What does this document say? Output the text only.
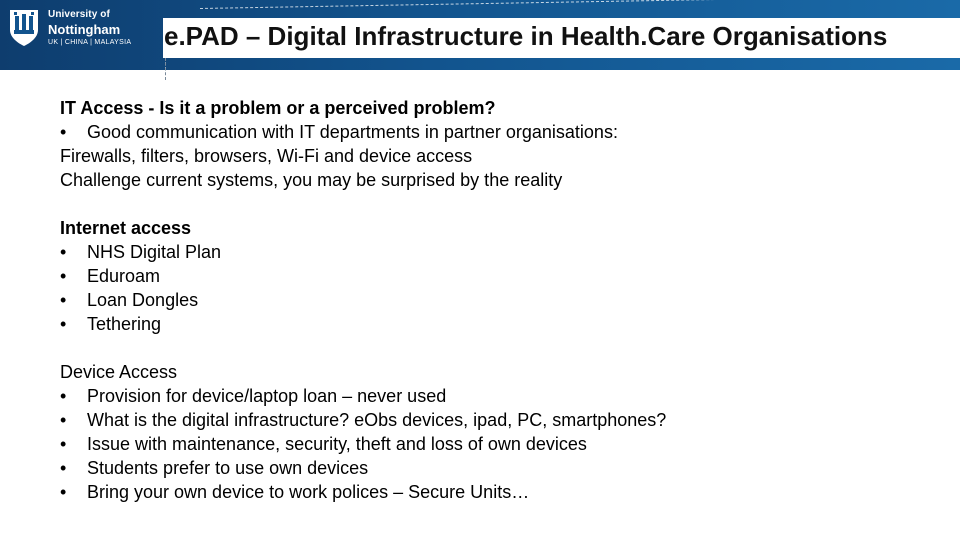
University of
Nottingham
UK | CHINA | MALAYSIA e.PAD – Digital Infrastructure in Health.Care Organisations
IT Access - Is it a problem or a perceived problem?
• Good communication with IT departments in partner organisations:
Firewalls, filters, browsers, Wi-Fi and device access
Challenge current systems, you may be surprised by the reality
Internet access
• NHS Digital Plan
• Eduroam
• Loan Dongles
• Tethering
Device Access
• Provision for device/laptop loan – never used
• What is the digital infrastructure? eObs devices, ipad, PC, smartphones?
• Issue with maintenance, security, theft and loss of own devices
• Students prefer to use own devices
• Bring your own device to work polices – Secure Units…
